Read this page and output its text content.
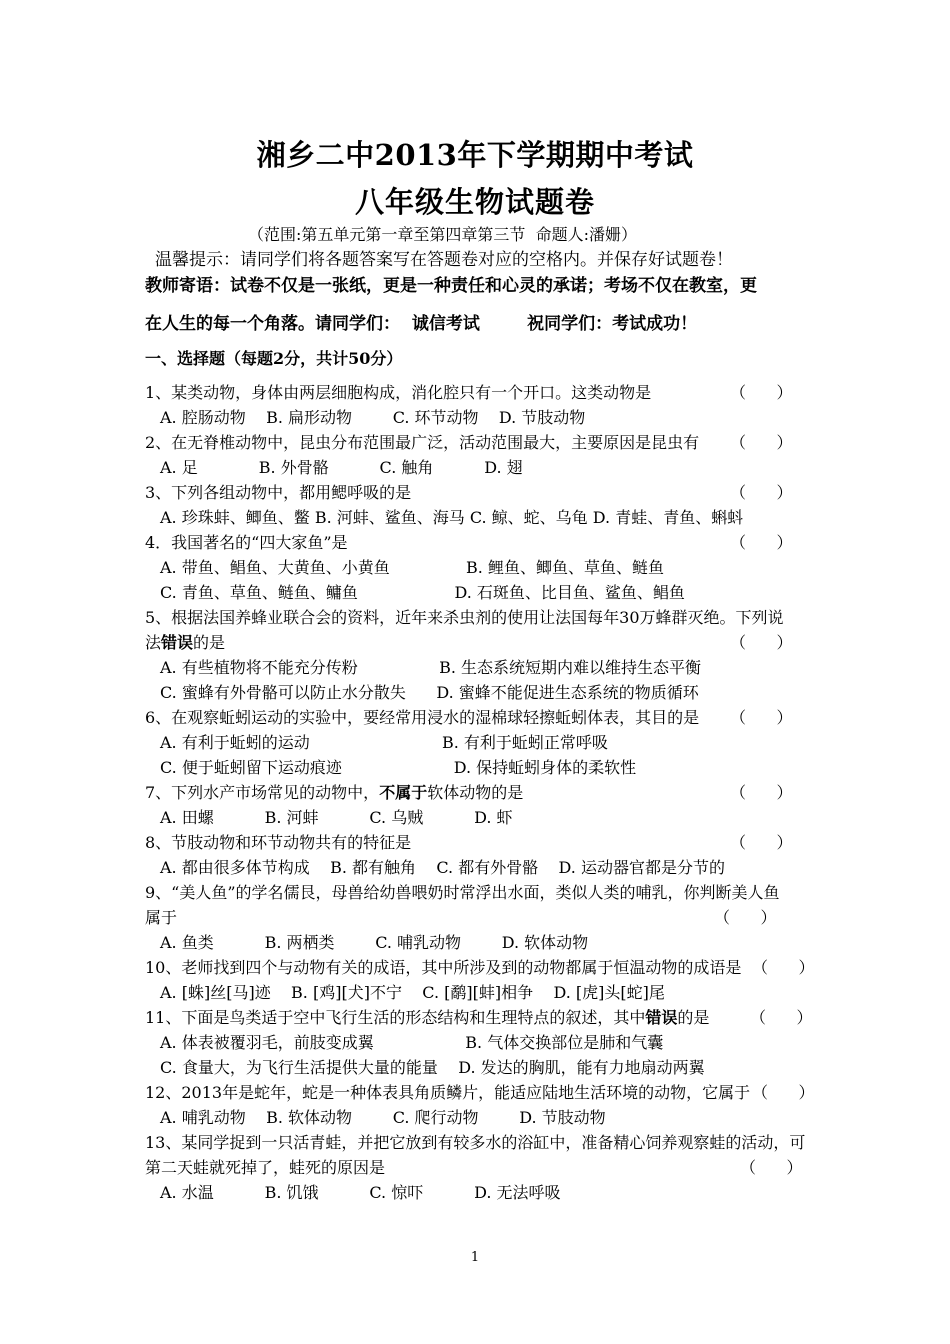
湘乡二中2013年下学期期中考试
八年级生物试题卷
（范围:第五单元第一章至第四章第三节  命题人:潘姗）
温馨提示：请同学们将各题答案写在答题卷对应的空格内。并保存好试题卷！
教师寄语：试卷不仅是一张纸，更是一种责任和心灵的承诺；考场不仅在教室，更
在人生的每一个角落。请同学们：  诚信考试        祝同学们：考试成功！
一、选择题（每题2分，共计50分）
1、某类动物，身体由两层细胞构成，消化腔只有一个开口。这类动物是	（      ）
A. 腔肠动物    B. 扁形动物        C. 环节动物    D. 节肢动物
2、在无脊椎动物中，昆虫分布范围最广泛，活动范围最大，主要原因是昆虫有 （      ）
A. 足            B. 外骨骼          C. 触角          D. 翅
3、下列各组动物中，都用鳃呼吸的是	（      ）
A. 珍珠蚌、鲫鱼、鳖 B. 河蚌、鲨鱼、海马 C. 鲸、蛇、乌龟 D. 青蛙、青鱼、蝌蚪
4．我国著名的“四大家鱼”是	（      ）
A. 带鱼、鲳鱼、大黄鱼、小黄鱼               B. 鲤鱼、鲫鱼、草鱼、鲢鱼
C. 青鱼、草鱼、鲢鱼、鳙鱼                   D. 石斑鱼、比目鱼、鲨鱼、鲳鱼
5、根据法国养蜂业联合会的资料，近年来杀虫剂的使用让法国每年30万蜂群灭绝。下列说
法错误的是	（      ）
A. 有些植物将不能充分传粉                B. 生态系统短期内难以维持生态平衡
C. 蜜蜂有外骨骼可以防止水分散失      D. 蜜蜂不能促进生态系统的物质循环
6、在观察蚯蚓运动的实验中，要经常用浸水的湿棉球轻擦蚯蚓体表，其目的是 （      ）
A. 有利于蚯蚓的运动                          B. 有利于蚯蚓正常呼吸
C. 便于蚯蚓留下运动痕迹                      D. 保持蚯蚓身体的柔软性
7、下列水产市场常见的动物中，不属于软体动物的是	（      ）
A. 田螺          B. 河蚌          C. 乌贼          D. 虾
8、节肢动物和环节动物共有的特征是	（      ）
A. 都由很多体节构成    B. 都有触角    C. 都有外骨骼    D. 运动器官都是分节的
9、“美人鱼”的学名儒艮，母兽给幼兽喂奶时常浮出水面，类似人类的哺乳，你判断美人鱼
属于	（      ）
A. 鱼类          B. 两栖类        C. 哺乳动物        D. 软体动物
10、老师找到四个与动物有关的成语，其中所涉及到的动物都属于恒温动物的成语是 （      ）
A. [蛛]丝[马]迹    B. [鸡][犬]不宁    C. [鹬][蚌]相争    D. [虎]头[蛇]尾
11、下面是鸟类适于空中飞行生活的形态结构和生理特点的叙述，其中错误的是	（      ）
A. 体表被覆羽毛，前肢变成翼                  B. 气体交换部位是肺和气囊
C. 食量大，为飞行生活提供大量的能量    D. 发达的胸肌，能有力地扇动两翼
12、2013年是蛇年，蛇是一种体表具角质鳞片，能适应陆地生活环境的动物，它属于 （      ）
A. 哺乳动物    B. 软体动物        C. 爬行动物        D. 节肢动物
13、某同学捉到一只活青蛙，并把它放到有较多水的浴缸中，准备精心饲养观察蛙的活动，可
第二天蛙就死掉了，蛙死的原因是	（      ）
A. 水温          B. 饥饿          C. 惊吓          D. 无法呼吸
1
